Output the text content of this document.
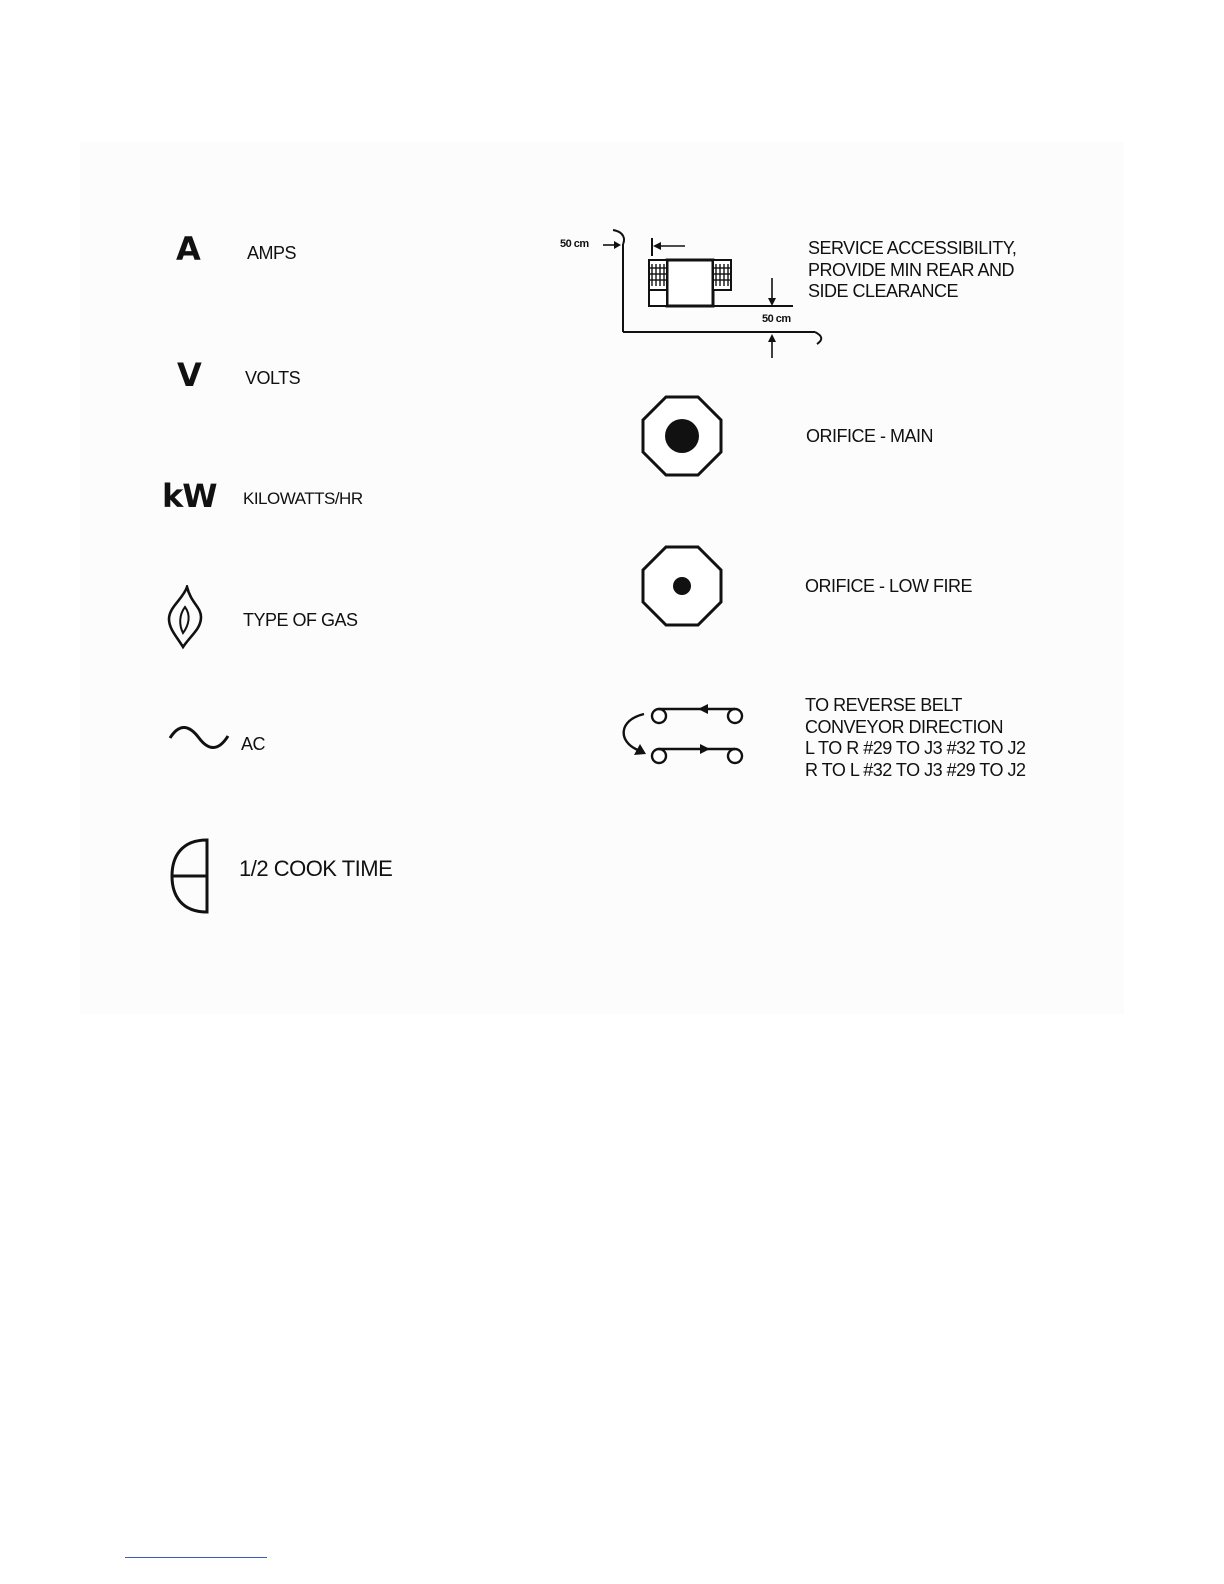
A	AMPS
V VOLTS
kW KILOWATTS/HR
TYPE OF GAS
AC
1/2 COOK TIME
50 cm
50 cm
SERVICE ACCESSIBILITY,
PROVIDE MIN REAR AND
SIDE CLEARANCE
ORIFICE - MAIN
ORIFICE - LOW FIRE
TO REVERSE BELT
CONVEYOR DIRECTION
L TO R #29 TO J3 #32 TO J2
R TO L #32 TO J3 #29 TO J2
